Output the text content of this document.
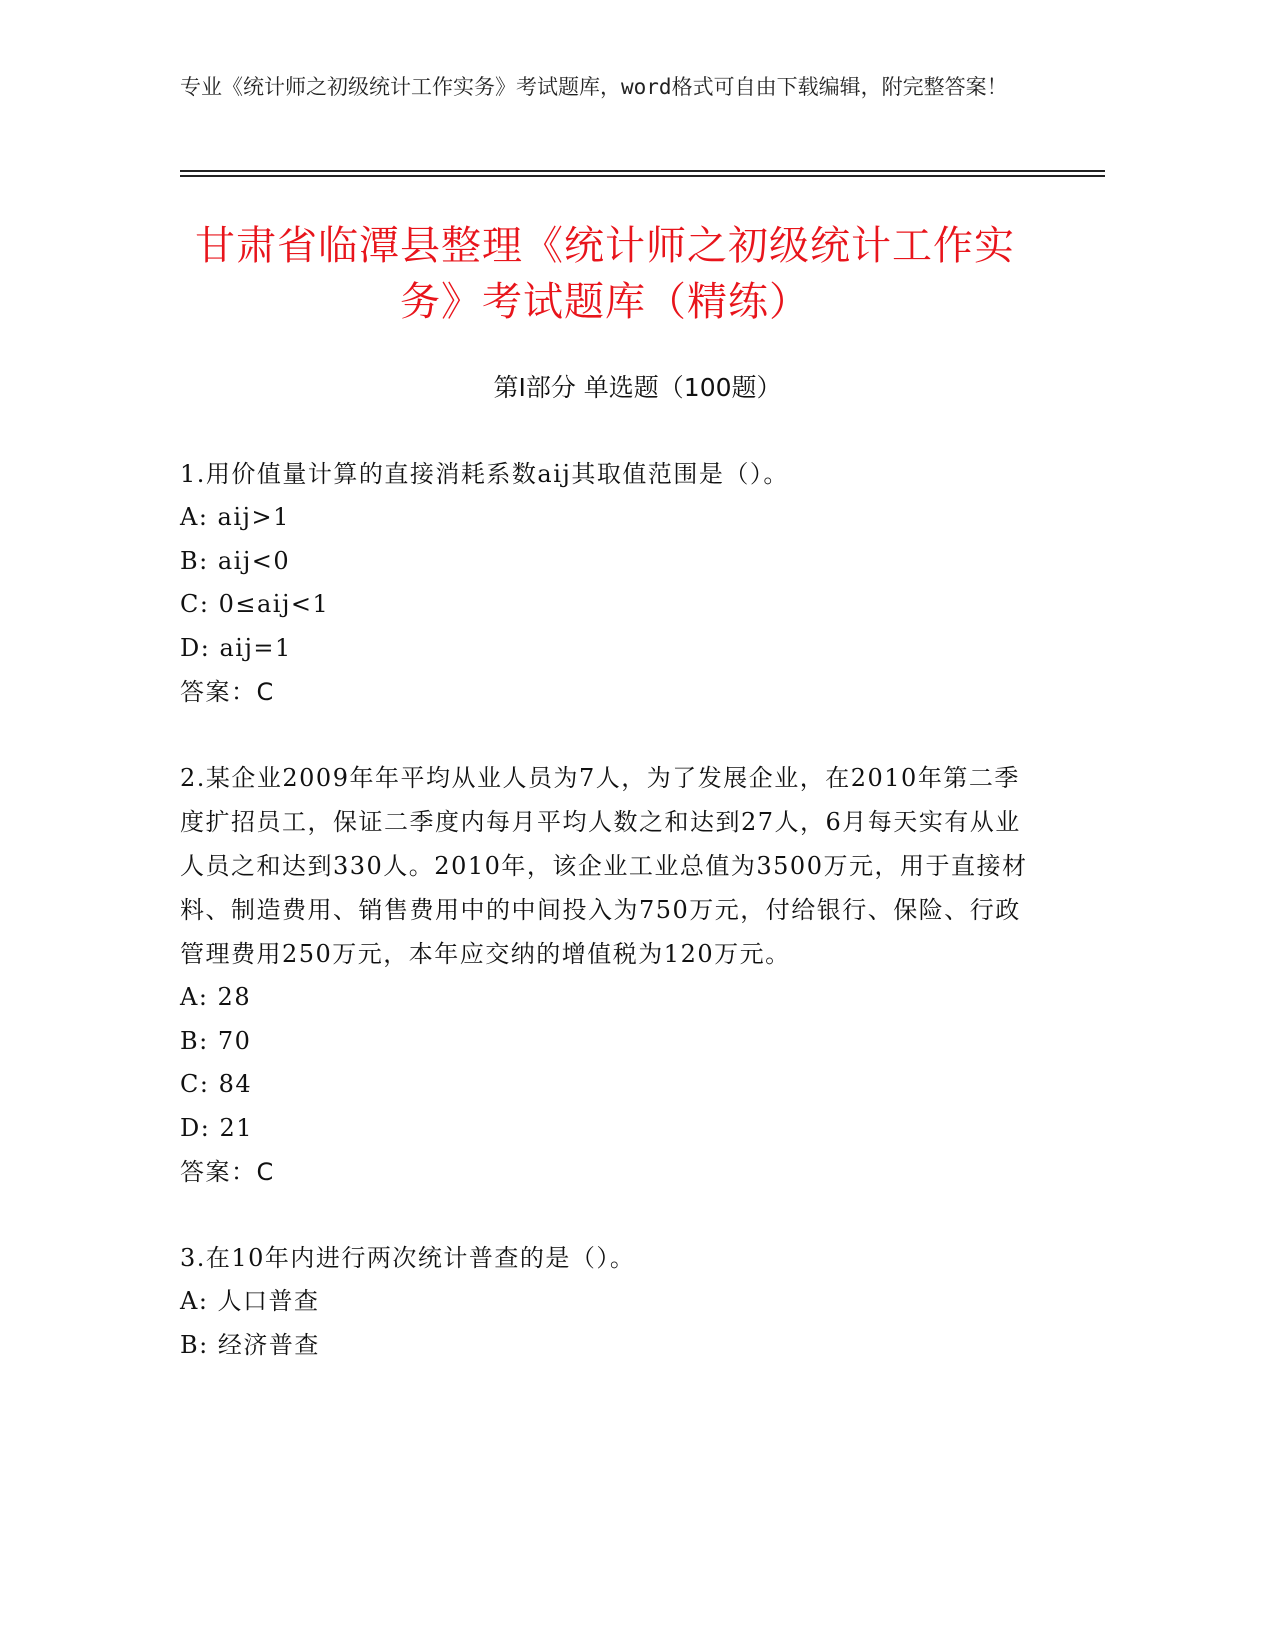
专业《统计师之初级统计工作实务》考试题库，word格式可自由下载编辑，附完整答案！
甘肃省临潭县整理《统计师之初级统计工作实务》考试题库（精练）
第I部分 单选题（100题）
1.用价值量计算的直接消耗系数aij其取值范围是（）。
A: aij>1
B: aij<0
C: 0≤aij<1
D: aij=1
答案：C
2.某企业2009年年平均从业人员为7人，为了发展企业，在2010年第二季度扩招员工，保证二季度内每月平均人数之和达到27人，6月每天实有从业人员之和达到330人。2010年，该企业工业总值为3500万元，用于直接材料、制造费用、销售费用中的中间投入为750万元，付给银行、保险、行政管理费用250万元，本年应交纳的增值税为120万元。
A: 28
B: 70
C: 84
D: 21
答案：C
3.在10年内进行两次统计普查的是（）。
A: 人口普查
B: 经济普查
